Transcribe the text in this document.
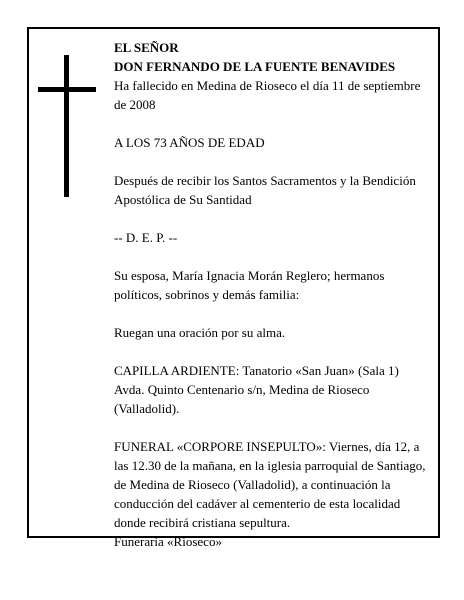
EL SEÑOR
DON FERNANDO DE LA FUENTE BENAVIDES

Ha fallecido en Medina de Rioseco el día 11 de septiembre de 2008

A LOS 73 AÑOS DE EDAD

Después de recibir los Santos Sacramentos y la Bendición Apostólica de Su Santidad

-- D. E. P. --

Su esposa, María Ignacia Morán Reglero; hermanos políticos, sobrinos y demás familia:

Ruegan una oración por su alma.

CAPILLA ARDIENTE: Tanatorio «San Juan» (Sala 1) Avda. Quinto Centenario s/n, Medina de Rioseco (Valladolid).

FUNERAL «CORPORE INSEPULTO»: Viernes, día 12, a las 12.30 de la mañana, en la iglesia parroquial de Santiago, de Medina de Rioseco (Valladolid), a continuación la conducción del cadáver al cementerio de esta localidad donde recibirá cristiana sepultura.

Funeraria «Rioseco»
